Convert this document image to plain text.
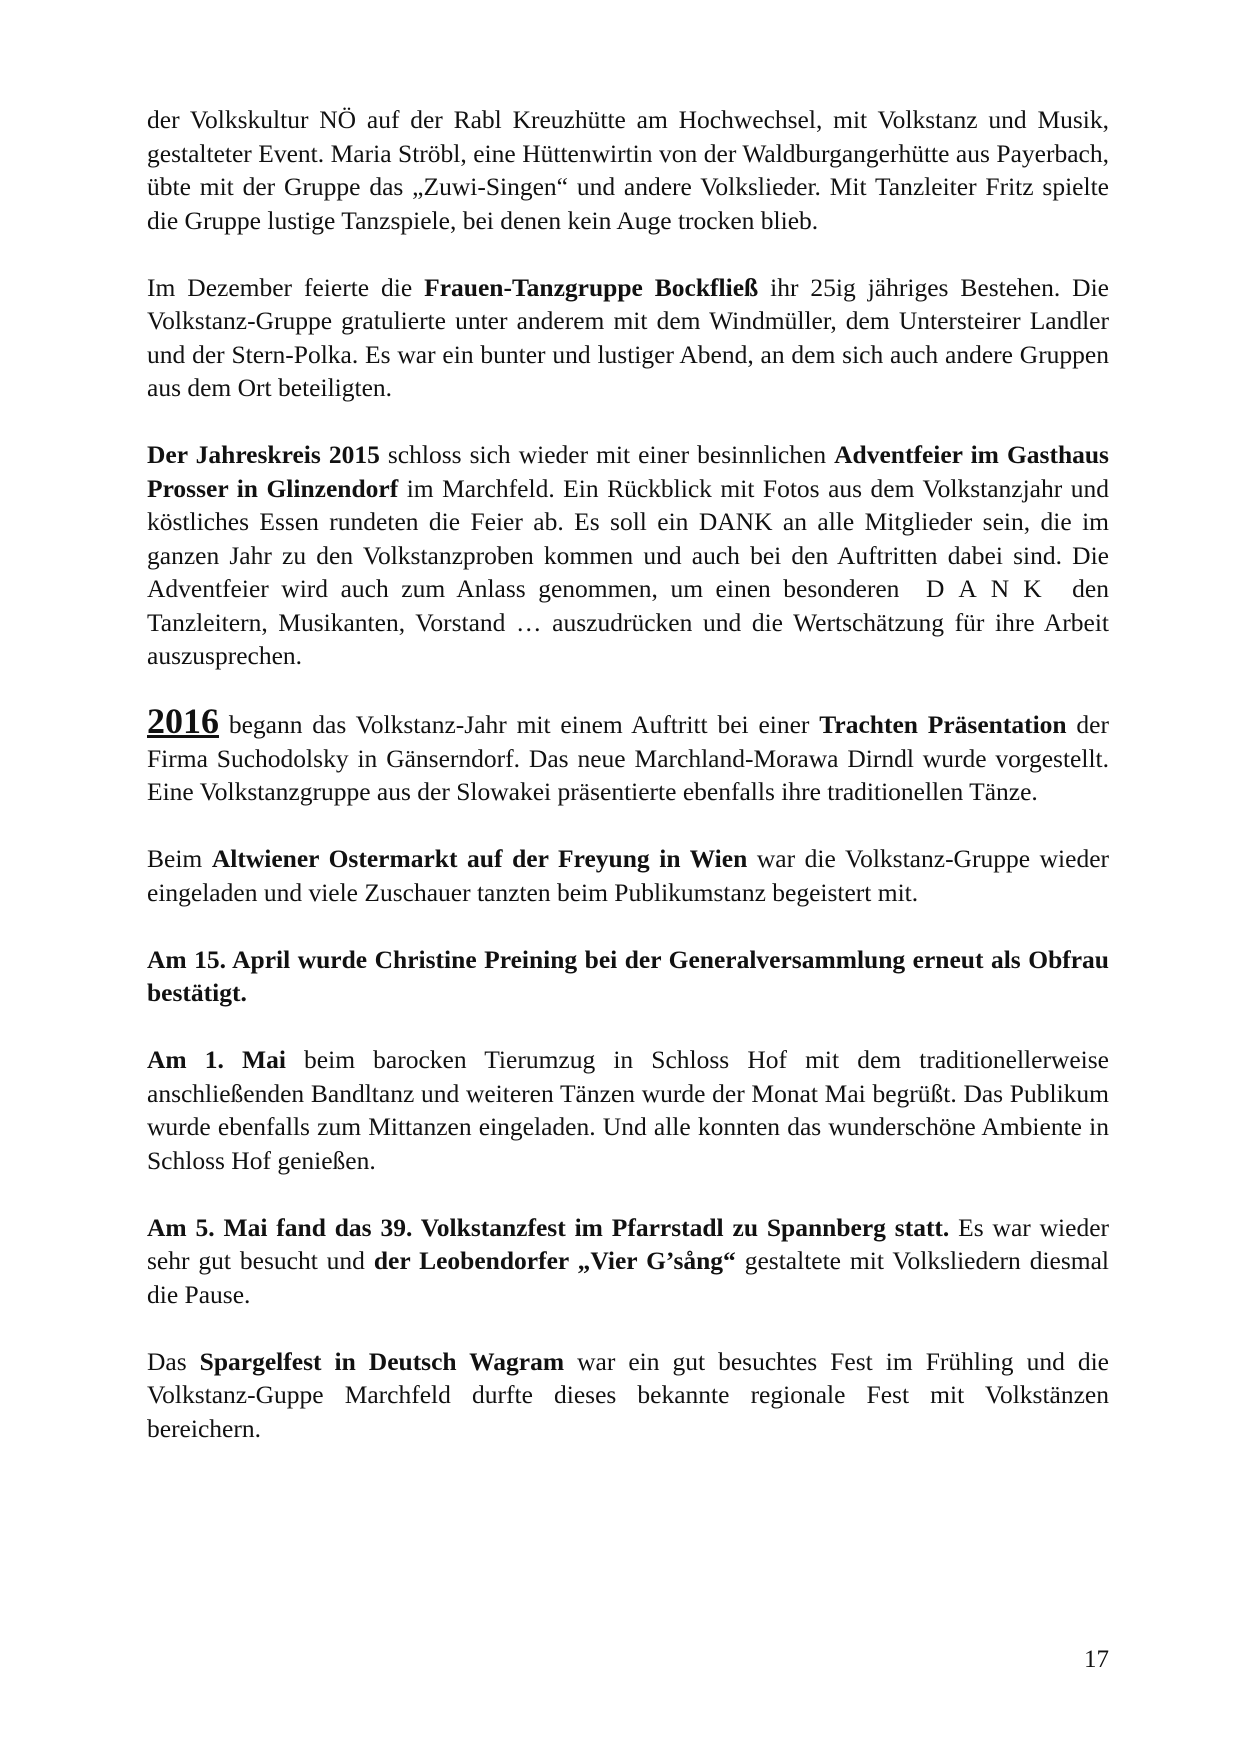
der Volkskultur NÖ auf der Rabl Kreuzhütte am Hochwechsel, mit Volkstanz und Musik, gestalteter Event. Maria Ströbl, eine Hüttenwirtin von der Waldburgangerhütte aus Payerbach, übte mit der Gruppe das „Zuwi-Singen“ und andere Volkslieder. Mit Tanzleiter Fritz spielte die Gruppe lustige Tanzspiele, bei denen kein Auge trocken blieb.

Im Dezember feierte die Frauen-Tanzgruppe Bockfließ ihr 25ig jähriges Bestehen. Die Volkstanz-Gruppe gratulierte unter anderem mit dem Windmüller, dem Untersteirer Landler und der Stern-Polka. Es war ein bunter und lustiger Abend, an dem sich auch andere Gruppen aus dem Ort beteiligten.

Der Jahreskreis 2015 schloss sich wieder mit einer besinnlichen Adventfeier im Gasthaus Prosser in Glinzendorf im Marchfeld. Ein Rückblick mit Fotos aus dem Volkstanzjahr und köstliches Essen rundeten die Feier ab. Es soll ein DANK an alle Mitglieder sein, die im ganzen Jahr zu den Volkstanzproben kommen und auch bei den Auftritten dabei sind. Die Adventfeier wird auch zum Anlass genommen, um einen besonderen DANK den Tanzleitern, Musikanten, Vorstand … auszudrücken und die Wertschätzung für ihre Arbeit auszusprechen.

2016 begann das Volkstanz-Jahr mit einem Auftritt bei einer Trachten Präsentation der Firma Suchodolsky in Gänserndorf. Das neue Marchland-Morawa Dirndl wurde vorgestellt. Eine Volkstanzgruppe aus der Slowakei präsentierte ebenfalls ihre traditionellen Tänze.

Beim Altwiener Ostermarkt auf der Freyung in Wien war die Volkstanz-Gruppe wieder eingeladen und viele Zuschauer tanzten beim Publikumstanz begeistert mit.

Am 15. April wurde Christine Preining bei der Generalversammlung erneut als Obfrau bestätigt.

Am 1. Mai beim barocken Tierumzug in Schloss Hof mit dem traditionellerweise anschließenden Bandltanz und weiteren Tänzen wurde der Monat Mai begrüßt. Das Publikum wurde ebenfalls zum Mittanzen eingeladen. Und alle konnten das wunderschöne Ambiente in Schloss Hof genießen.

Am 5. Mai fand das 39. Volkstanzfest im Pfarrstadl zu Spannberg statt. Es war wieder sehr gut besucht und der Leobendorfer „Vier G’sång“ gestaltete mit Volksliedern diesmal die Pause.

Das Spargelfest in Deutsch Wagram war ein gut besuchtes Fest im Frühling und die Volkstanz-Guppe Marchfeld durfte dieses bekannte regionale Fest mit Volkstänzen bereichern.

17
